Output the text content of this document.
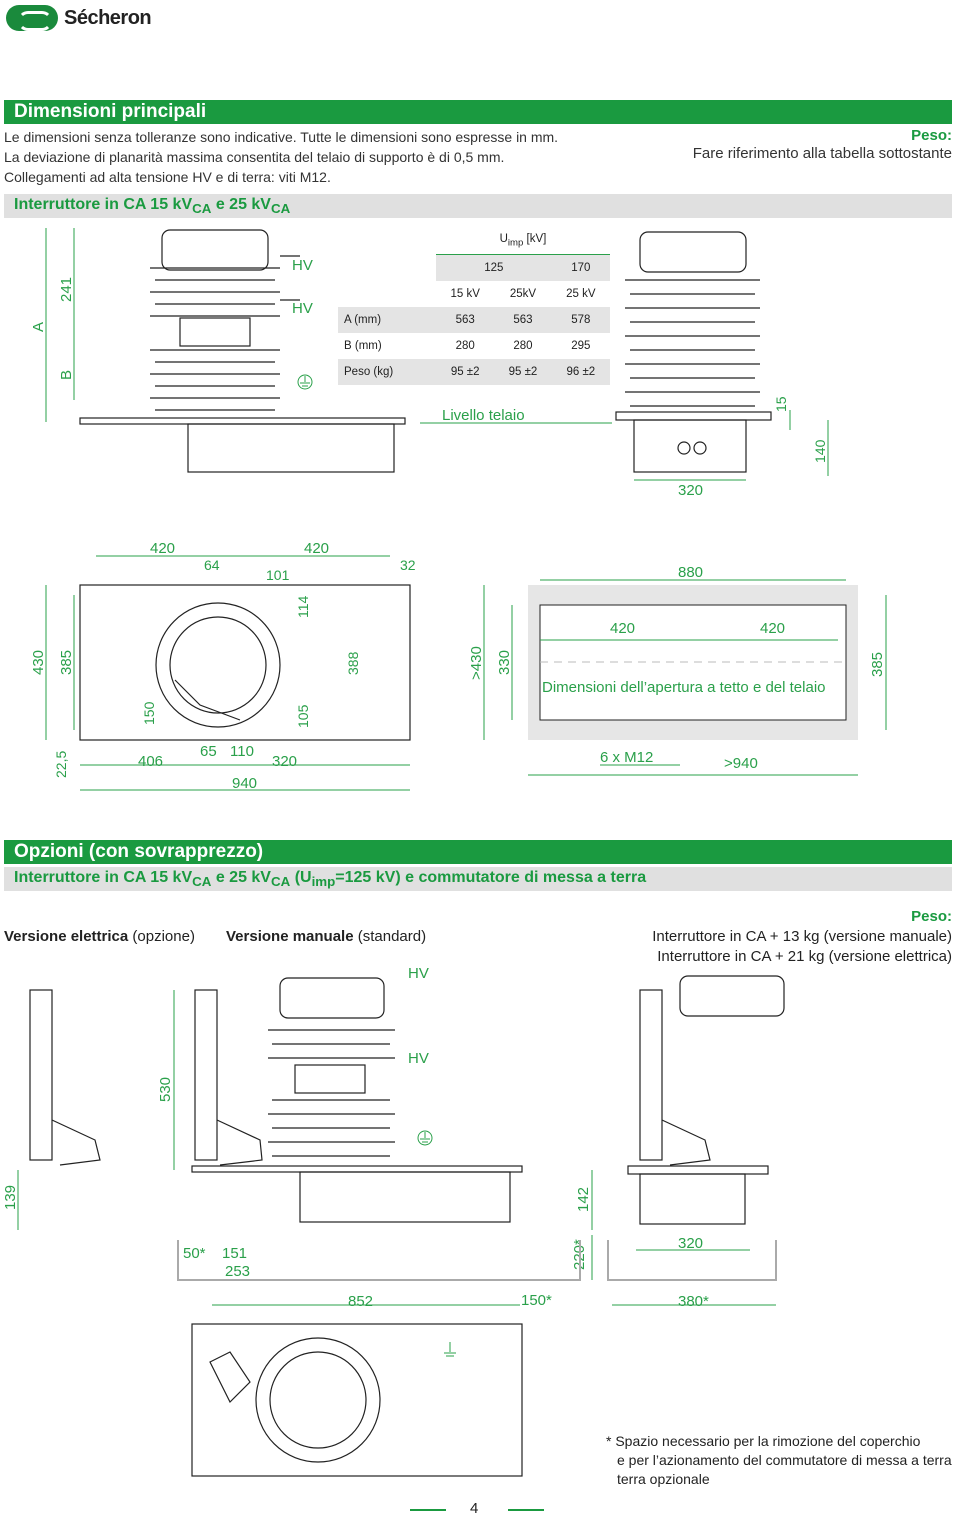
Sécheron
Dimensioni principali
Le dimensioni senza tolleranze sono indicative. Tutte le dimensioni sono espresse in mm.
La deviazione di planarità massima consentita del telaio di supporto è di 0,5 mm.
Collegamenti ad alta tensione HV e di terra: viti M12.
Peso:
Fare riferimento alla tabella sottostante
Interruttore in CA 15 $kV_{CA}$ e 25 $kV_{CA}$
	$U_{imp}$ [kV]		
	125		170
	15 kV	25kV	25 kV
A (mm)	563	563	578
B (mm)	280	280	295
Peso (kg)	95 ±2	95 ±2	96 ±2
A
241
B
HV
HV
Livello telaio
15
140
320
420	420
64
101
32
114
430 385	388
150	105
22,5	406
65 110
320
940
880
420	420
Dimensioni dell’apertura a tetto e del telaio
>430 330	385
6 x M12	>940
Opzioni (con sovrapprezzo)
Interruttore in CA 15 $kV_{CA}$ e 25 $kV_{CA}$ ($U_{imp}=125$ kV) e commutatore di messa a terra
Versione elettrica (opzione) Versione manuale (standard)
Peso:
Interruttore in CA + 13 kg (versione manuale)
Interruttore in CA + 21 kg (versione elettrica)
HV
HV
530
139	142
220*
50* 151
253
852	150*
320
380*
* Spazio necessario per la rimozione del coperchio
e per l’azionamento del commutatore di messa a terra
terra opzionale
4
